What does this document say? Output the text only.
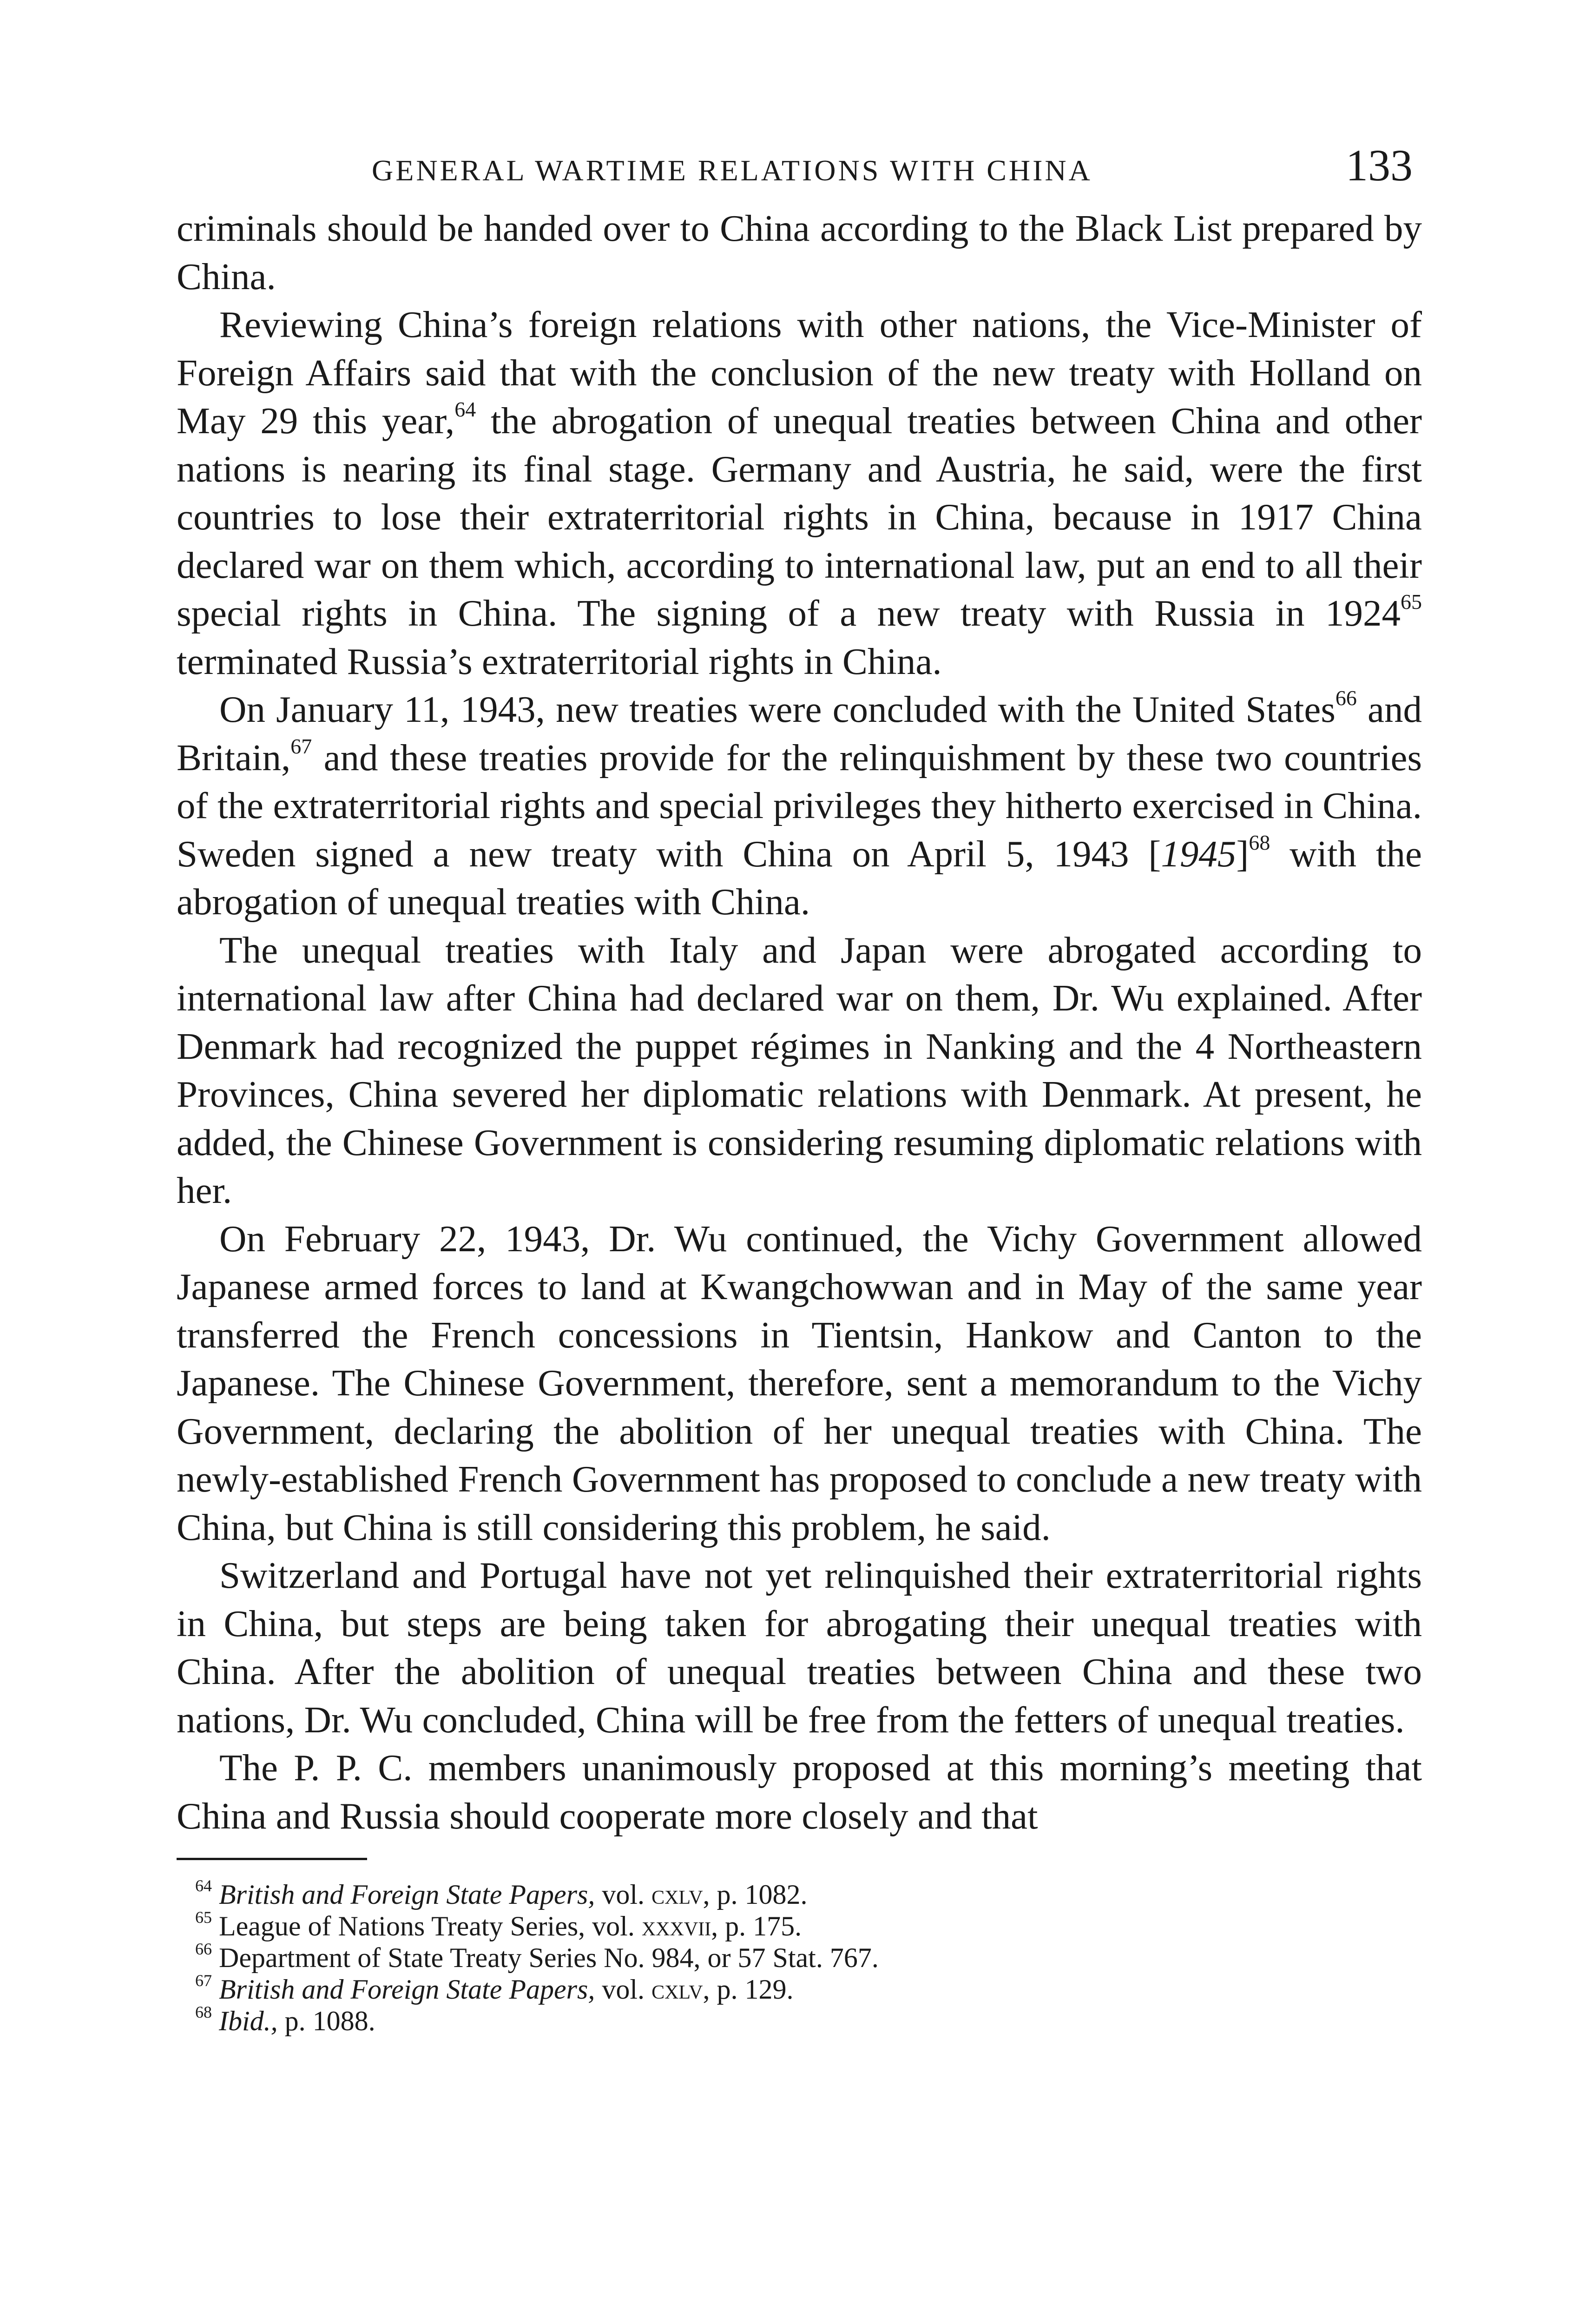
GENERAL WARTIME RELATIONS WITH CHINA	133

criminals should be handed over to China according to the Black List prepared by China.

Reviewing China’s foreign relations with other nations, the Vice-Minister of Foreign Affairs said that with the conclusion of the new treaty with Holland on May 29 this year,$^{64}$ the abrogation of unequal treaties between China and other nations is nearing its final stage. Germany and Austria, he said, were the first countries to lose their extraterritorial rights in China, because in 1917 China declared war on them which, according to international law, put an end to all their special rights in China. The signing of a new treaty with Russia in 1924$^{65}$ terminated Russia’s extraterritorial rights in China.

On January 11, 1943, new treaties were concluded with the United States$^{66}$ and Britain,$^{67}$ and these treaties provide for the relinquishment by these two countries of the extraterritorial rights and special privileges they hitherto exercised in China. Sweden signed a new treaty with China on April 5, 1943 $[1945]^{68}$ with the abrogation of unequal treaties with China.

The unequal treaties with Italy and Japan were abrogated according to international law after China had declared war on them, Dr. Wu explained. After Denmark had recognized the puppet régimes in Nanking and the 4 Northeastern Provinces, China severed her diplomatic relations with Denmark. At present, he added, the Chinese Government is considering resuming diplomatic relations with her.

On February 22, 1943, Dr. Wu continued, the Vichy Government allowed Japanese armed forces to land at Kwangchowwan and in May of the same year transferred the French concessions in Tientsin, Hankow and Canton to the Japanese. The Chinese Government, therefore, sent a memorandum to the Vichy Government, declaring the abolition of her unequal treaties with China. The newly-established French Government has proposed to conclude a new treaty with China, but China is still considering this problem, he said.

Switzerland and Portugal have not yet relinquished their extraterritorial rights in China, but steps are being taken for abrogating their unequal treaties with China. After the abolition of unequal treaties between China and these two nations, Dr. Wu concluded, China will be free from the fetters of unequal treaties.

The P. P. C. members unanimously proposed at this morning’s meeting that China and Russia should cooperate more closely and that

$^{64}$ British and Foreign State Papers, vol. cxlv, p. 1082.

$^{65}$ League of Nations Treaty Series, vol. xxxvii, p. 175.

$^{66}$ Department of State Treaty Series No. 984, or 57 Stat. 767.

$^{67}$ British and Foreign State Papers, vol. cxlv, p. 129.

$^{68}$ Ibid., p. 1088.
